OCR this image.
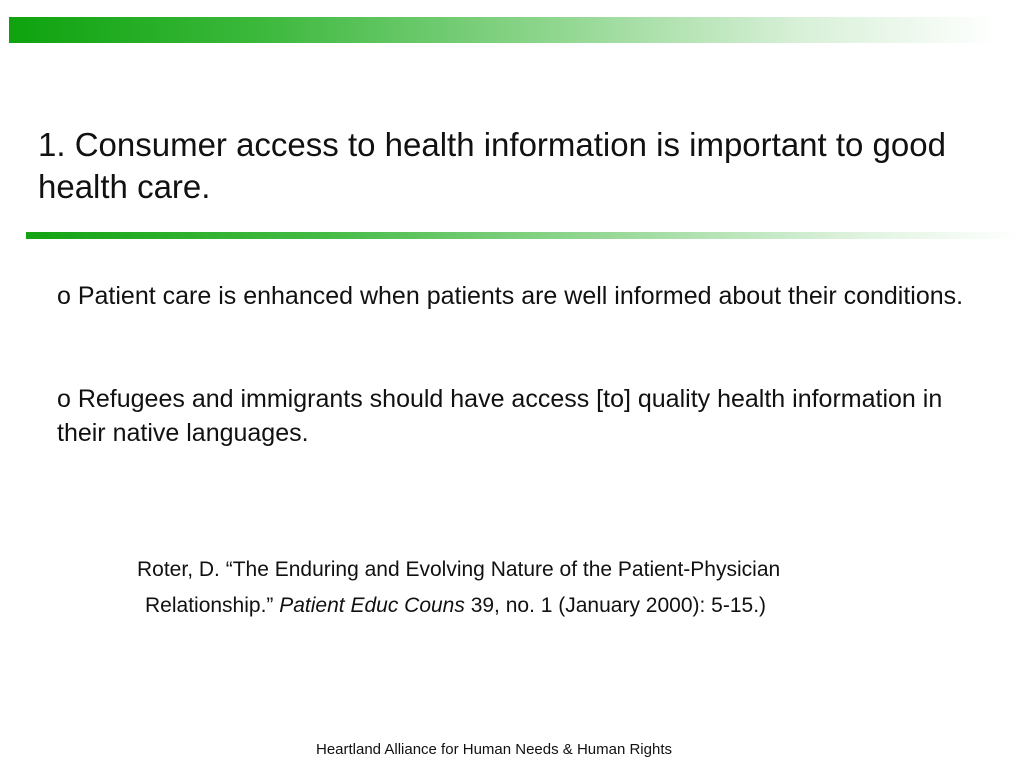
1. Consumer access to health information is important to good health care.

o Patient care is enhanced when patients are well informed about their conditions.

o Refugees and immigrants should have access [to] quality health information in their native languages.

Roter, D. “The Enduring and Evolving Nature of the Patient-Physician

Relationship.” Patient Educ Couns 39, no. 1 (January 2000): 5-15.)

Heartland Alliance for Human Needs & Human Rights
